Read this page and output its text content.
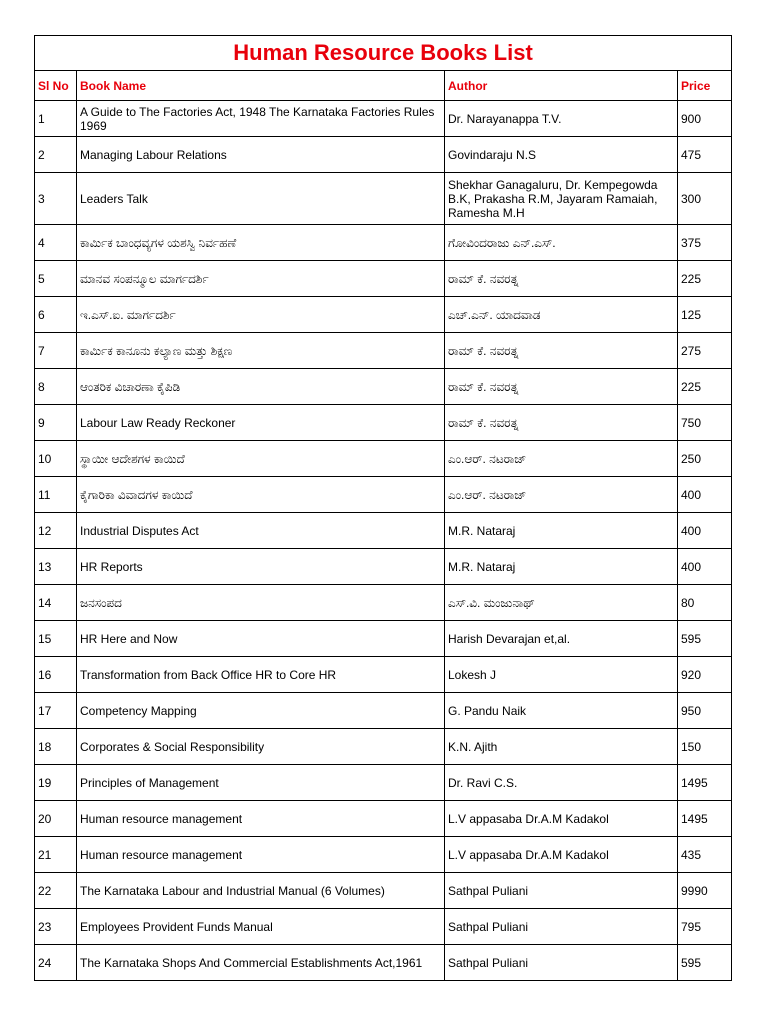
Human Resource Books List			
Sl No	Book Name	Author	Price
1	A Guide to The Factories Act, 1948 The Karnataka Factories Rules 1969	Dr. Narayanappa T.V.	900
2	Managing Labour Relations	Govindaraju N.S	475
3	Leaders Talk	Shekhar Ganagaluru, Dr. Kempegowda B.K, Prakasha R.M, Jayaram Ramaiah, Ramesha M.H	300
4	ಕಾರ್ಮಿಕ ಬಾಂಧವ್ಯಗಳ ಯಶಸ್ವಿ ನಿರ್ವಹಣೆ	ಗೋವಿಂದರಾಜು ಎನ್.ಎಸ್.	375
5	ಮಾನವ ಸಂಪನ್ಮೂಲ ಮಾರ್ಗದರ್ಶಿ	ರಾಮ್ ಕೆ. ನವರತ್ನ	225
6	ಇ.ಎಸ್.ಐ. ಮಾರ್ಗದರ್ಶಿ	ಎಚ್.ಎನ್. ಯಾದವಾಡ	125
7	ಕಾರ್ಮಿಕ ಕಾನೂನು ಕಲ್ಯಾಣ ಮತ್ತು ಶಿಕ್ಷಣ	ರಾಮ್ ಕೆ. ನವರತ್ನ	275
8	ಆಂತರಿಕ ವಿಚಾರಣಾ ಕೈಪಿಡಿ	ರಾಮ್ ಕೆ. ನವರತ್ನ	225
9	Labour Law Ready Reckoner	ರಾಮ್ ಕೆ. ನವರತ್ನ	750
10	ಸ್ಥಾಯೀ ಆದೇಶಗಳ ಕಾಯಿದೆ	ಎಂ.ಆರ್. ನಟರಾಜ್	250
11	ಕೈಗಾರಿಕಾ ವಿವಾದಗಳ ಕಾಯಿದೆ	ಎಂ.ಆರ್. ನಟರಾಜ್	400
12	Industrial Disputes Act	M.R. Nataraj	400
13	HR Reports	M.R. Nataraj	400
14	ಜನಸಂಪದ	ಎಸ್.ವಿ. ಮಂಜುನಾಥ್	80
15	HR Here and Now	Harish Devarajan et,al.	595
16	Transformation from Back Office HR to Core HR	Lokesh J	920
17	Competency Mapping	G. Pandu Naik	950
18	Corporates & Social Responsibility	K.N. Ajith	150
19	Principles of Management	Dr. Ravi C.S.	1495
20	Human resource management	L.V appasaba Dr.A.M Kadakol	1495
21	Human resource management	L.V appasaba Dr.A.M Kadakol	435
22	The Karnataka Labour and Industrial Manual (6 Volumes)	Sathpal Puliani	9990
23	Employees Provident Funds Manual	Sathpal Puliani	795
24	The Karnataka Shops And Commercial Establishments Act,1961	Sathpal Puliani	595
